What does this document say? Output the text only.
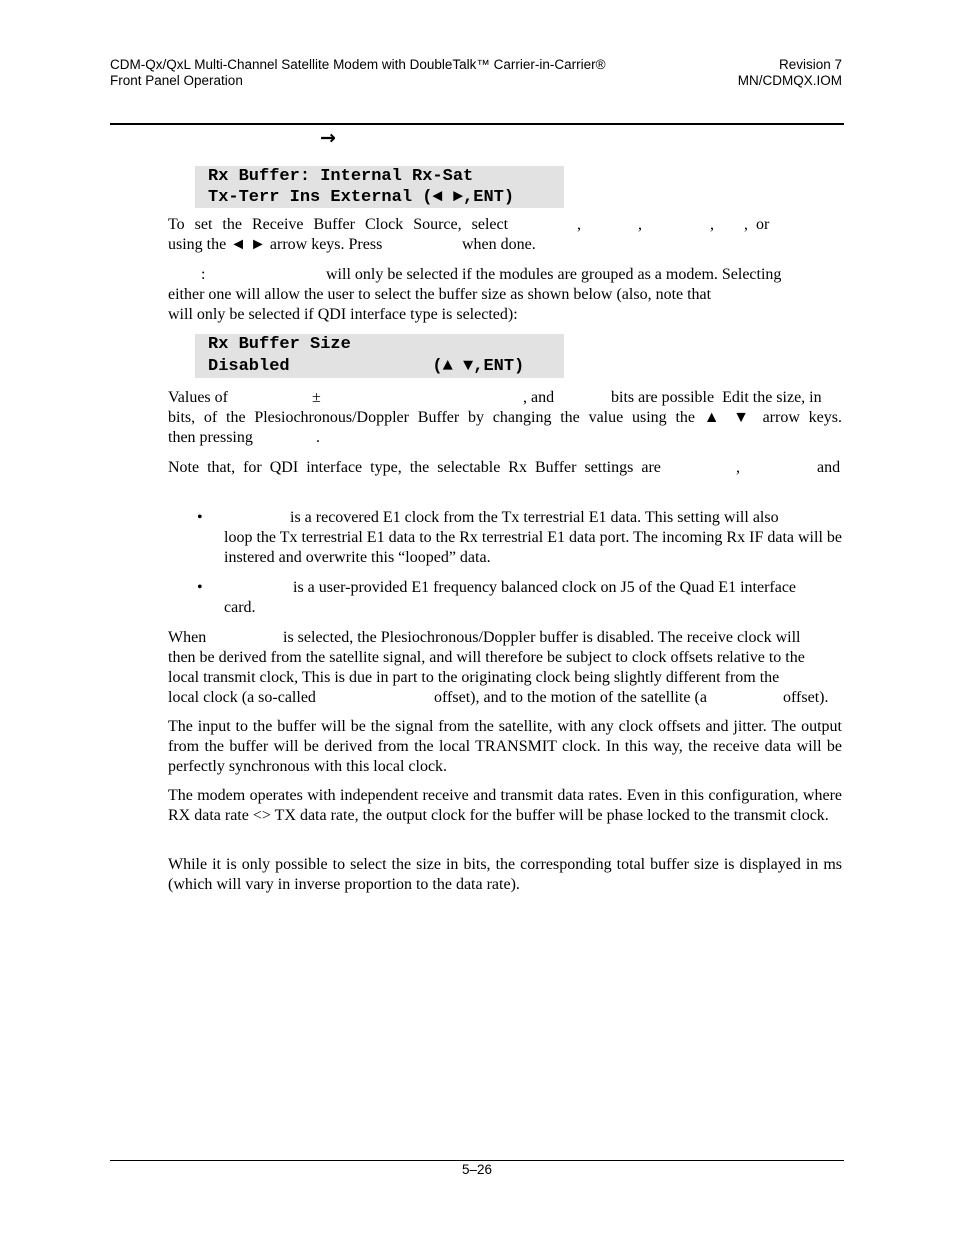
CDM-Qx/QxL Multi-Channel Satellite Modem with DoubleTalk™ Carrier-in-Carrier®
Front Panel Operation
Revision 7
MN/CDMQX.IOM
→
Rx Buffer: Internal Rx-Sat
Tx-Terr Ins External (◄ ►,ENT)
To  set  the  Receive  Buffer  Clock  Source,  select	,	,	, ,  or
using the ◄ ► arrow keys. Press	when done.
:	will only be selected if the modules are grouped as a modem. Selecting
either one will allow the user to select the buffer size as shown below (also, note that
will only be selected if QDI interface type is selected):
Rx Buffer Size
Disabled              (▲ ▼,ENT)
Values of	±	, and	bits are possible  Edit the size, in
bits, of the Plesiochronous/Doppler Buffer by changing the value using the ▲ ▼ arrow keys.
then pressing	.
Note  that,  for  QDI  interface  type,  the  selectable  Rx  Buffer  settings  are	,	and
•	is a recovered E1 clock from the Tx terrestrial E1 data. This setting will also
loop the Tx terrestrial E1 data to the Rx terrestrial E1 data port. The incoming Rx IF data will be instered and overwrite this “looped” data.
•	is a user-provided E1 frequency balanced clock on J5 of the Quad E1 interface
card.
When	is selected, the Plesiochronous/Doppler buffer is disabled. The receive clock will
then be derived from the satellite signal, and will therefore be subject to clock offsets relative to the
local transmit clock, This is due in part to the originating clock being slightly different from the
local clock (a so-called	offset), and to the motion of the satellite (a	offset).
The input to the buffer will be the signal from the satellite, with any clock offsets and jitter. The output from the buffer will be derived from the local TRANSMIT clock. In this way, the receive data will be perfectly synchronous with this local clock.
The modem operates with independent receive and transmit data rates. Even in this configuration, where RX data rate <> TX data rate, the output clock for the buffer will be phase locked to the transmit clock.
While it is only possible to select the size in bits, the corresponding total buffer size is displayed in ms (which will vary in inverse proportion to the data rate).
5–26
